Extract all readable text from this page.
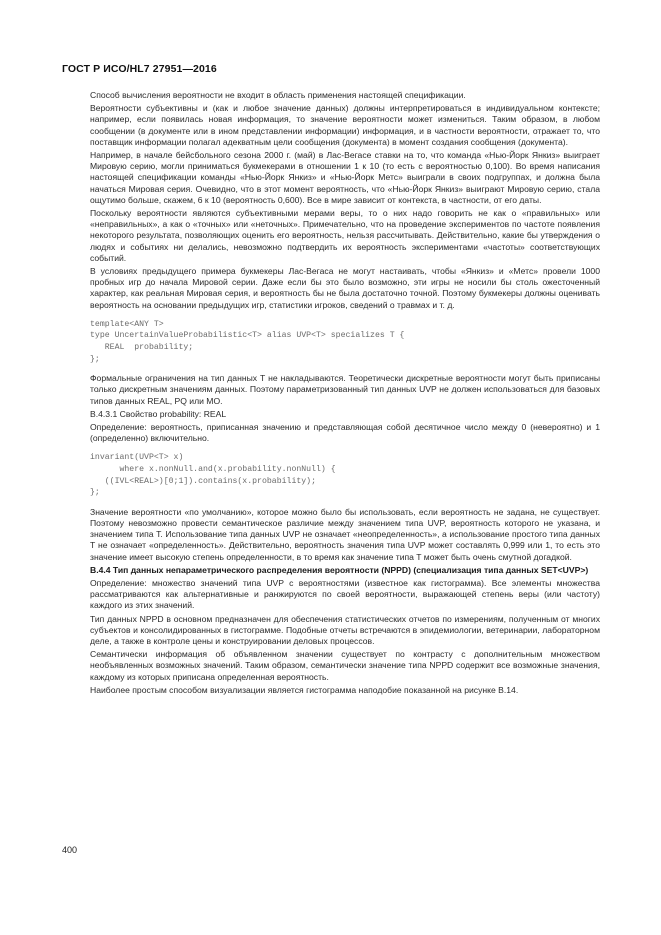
ГОСТ Р ИСО/HL7 27951—2016

Способ вычисления вероятности не входит в область применения настоящей спецификации.

Вероятности субъективны и (как и любое значение данных) должны интерпретироваться в индивидуальном контексте; например, если появилась новая информация, то значение вероятности может измениться. Таким образом, в любом сообщении (в документе или в ином представлении информации) информация, и в частности вероятности, отражает то, что поставщик информации полагал адекватным цели сообщения (документа) в момент создания сообщения (документа).

Например, в начале бейсбольного сезона 2000 г. (май) в Лас-Вегасе ставки на то, что команда «Нью-Йорк Янкиз» выиграет Мировую серию, могли приниматься букмекерами в отношении 1 к 10 (то есть с вероятностью 0,100). Во время написания настоящей спецификации команды «Нью-Йорк Янкиз» и «Нью-Йорк Метс» выиграли в своих подгруппах, и должна была начаться Мировая серия. Очевидно, что в этот момент вероятность, что «Нью-Йорк Янкиз» выиграют Мировую серию, стала ощутимо больше, скажем, 6 к 10 (вероятность 0,600). Все в мире зависит от контекста, в частности, от его даты.

Поскольку вероятности являются субъективными мерами веры, то о них надо говорить не как о «правильных» или «неправильных», а как о «точных» или «неточных». Примечательно, что на проведение экспериментов по частоте появления некоторого результата, позволяющих оценить его вероятность, нельзя рассчитывать. Действительно, какие бы утверждения о людях и событиях ни делались, невозможно подтвердить их вероятность экспериментами «частоты» соответствующих событий.

В условиях предыдущего примера букмекеры Лас-Вегаса не могут настаивать, чтобы «Янкиз» и «Метс» провели 1000 пробных игр до начала Мировой серии. Даже если бы это было возможно, эти игры не носили бы столь ожесточенный характер, как реальная Мировая серия, и вероятность бы не была достаточно точной. Поэтому букмекеры должны оценивать вероятность на основании предыдущих игр, статистики игроков, сведений о травмах и т. д.

template<ANY T>
type UncertainValueProbabilistic<T> alias UVP<T> specializes T {
REAL  probability;
};

Формальные ограничения на тип данных T не накладываются. Теоретически дискретные вероятности могут быть приписаны только дискретным значениям данных. Поэтому параметризованный тип данных UVP не должен использоваться для базовых типов данных REAL, PQ или MO.

В.4.3.1 Свойство probability: REAL

Определение: вероятность, приписанная значению и представляющая собой десятичное число между 0 (невероятно) и 1 (определенно) включительно.

invariant(UVP<T> x)
where x.nonNull.and(x.probability.nonNull) {
((IVL<REAL>)[0;1]).contains(x.probability);
};

Значение вероятности «по умолчанию», которое можно было бы использовать, если вероятность не задана, не существует. Поэтому невозможно провести семантическое различие между значением типа UVP, вероятность которого не указана, и значением типа T. Использование типа данных UVP не означает «неопределенность», а использование простого типа данных T не означает «определенность». Действительно, вероятность значения типа UVP может составлять 0,999 или 1, то есть это значение имеет высокую степень определенности, в то время как значение типа T может быть очень смутной догадкой.

В.4.4 Тип данных непараметрического распределения вероятности (NPPD) (специализация типа данных SET<UVP>)

Определение: множество значений типа UVP с вероятностями (известное как гистограмма). Все элементы множества рассматриваются как альтернативные и ранжируются по своей вероятности, выражающей степень веры (или частоту) каждого из этих значений.

Тип данных NPPD в основном предназначен для обеспечения статистических отчетов по измерениям, полученным от многих субъектов и консолидированных в гистограмме. Подобные отчеты встречаются в эпидемиологии, ветеринарии, лабораторном деле, а также в контроле цены и конструировании деловых процессов.

Семантически информация об объявленном значении существует по контрасту с дополнительным множеством необъявленных возможных значений. Таким образом, семантически значение типа NPPD содержит все возможные значения, каждому из которых приписана определенная вероятность.

Наиболее простым способом визуализации является гистограмма наподобие показанной на рисунке В.14.

400
